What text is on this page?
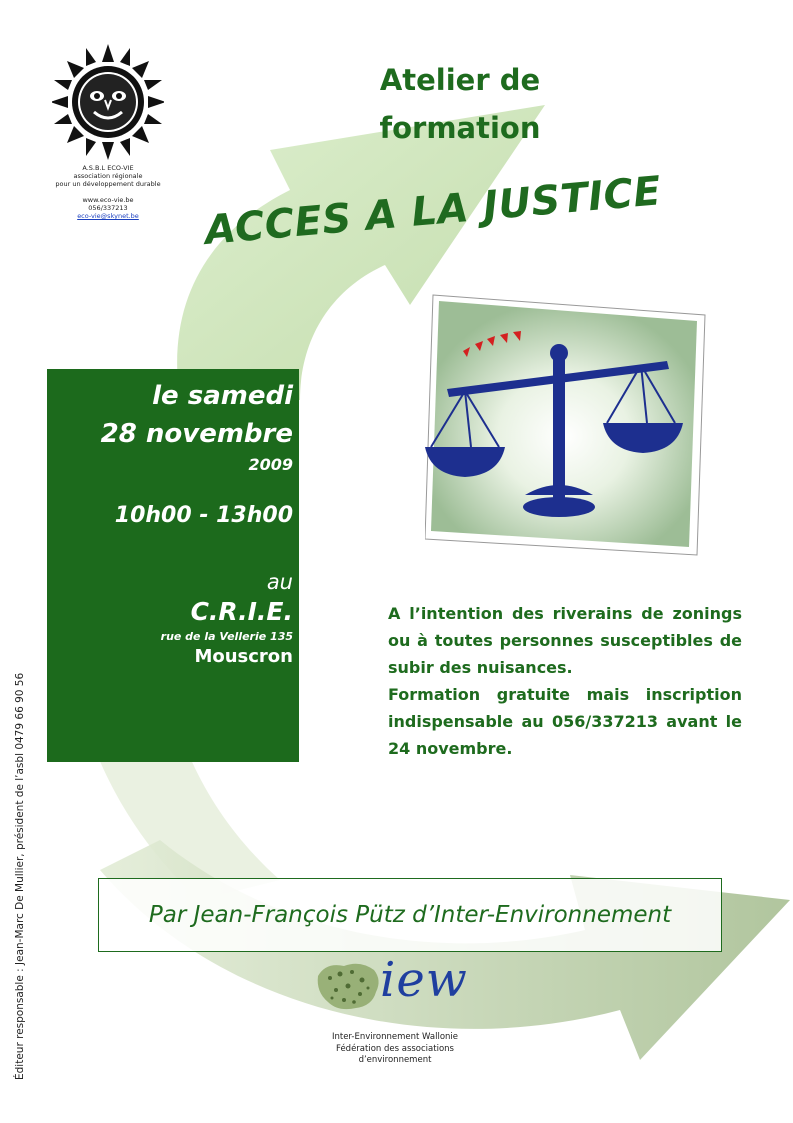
A.S.B.L ECO-VIE
association régionale
pour un développement durable
www.eco-vie.be
056/337213
eco-vie@skynet.be
Atelier de
formation
ACCES A LA JUSTICE
le samedi
28 novembre
2009
10h00 - 13h00
au
C.R.I.E.
rue de la Vellerie 135
Mouscron

A l’intention des riverains de zonings ou à toutes personnes susceptibles de subir des nuisances.

Formation gratuite mais inscription indispensable au 056/337213 avant le 24 novembre.

Par Jean-François Pütz d’Inter-Environnement
iew
Inter-Environnement Wallonie
Fédération des associations
d’environnement
Éditeur responsable : Jean-Marc De Mullier, président de l’asbl 0479 66 90 56
